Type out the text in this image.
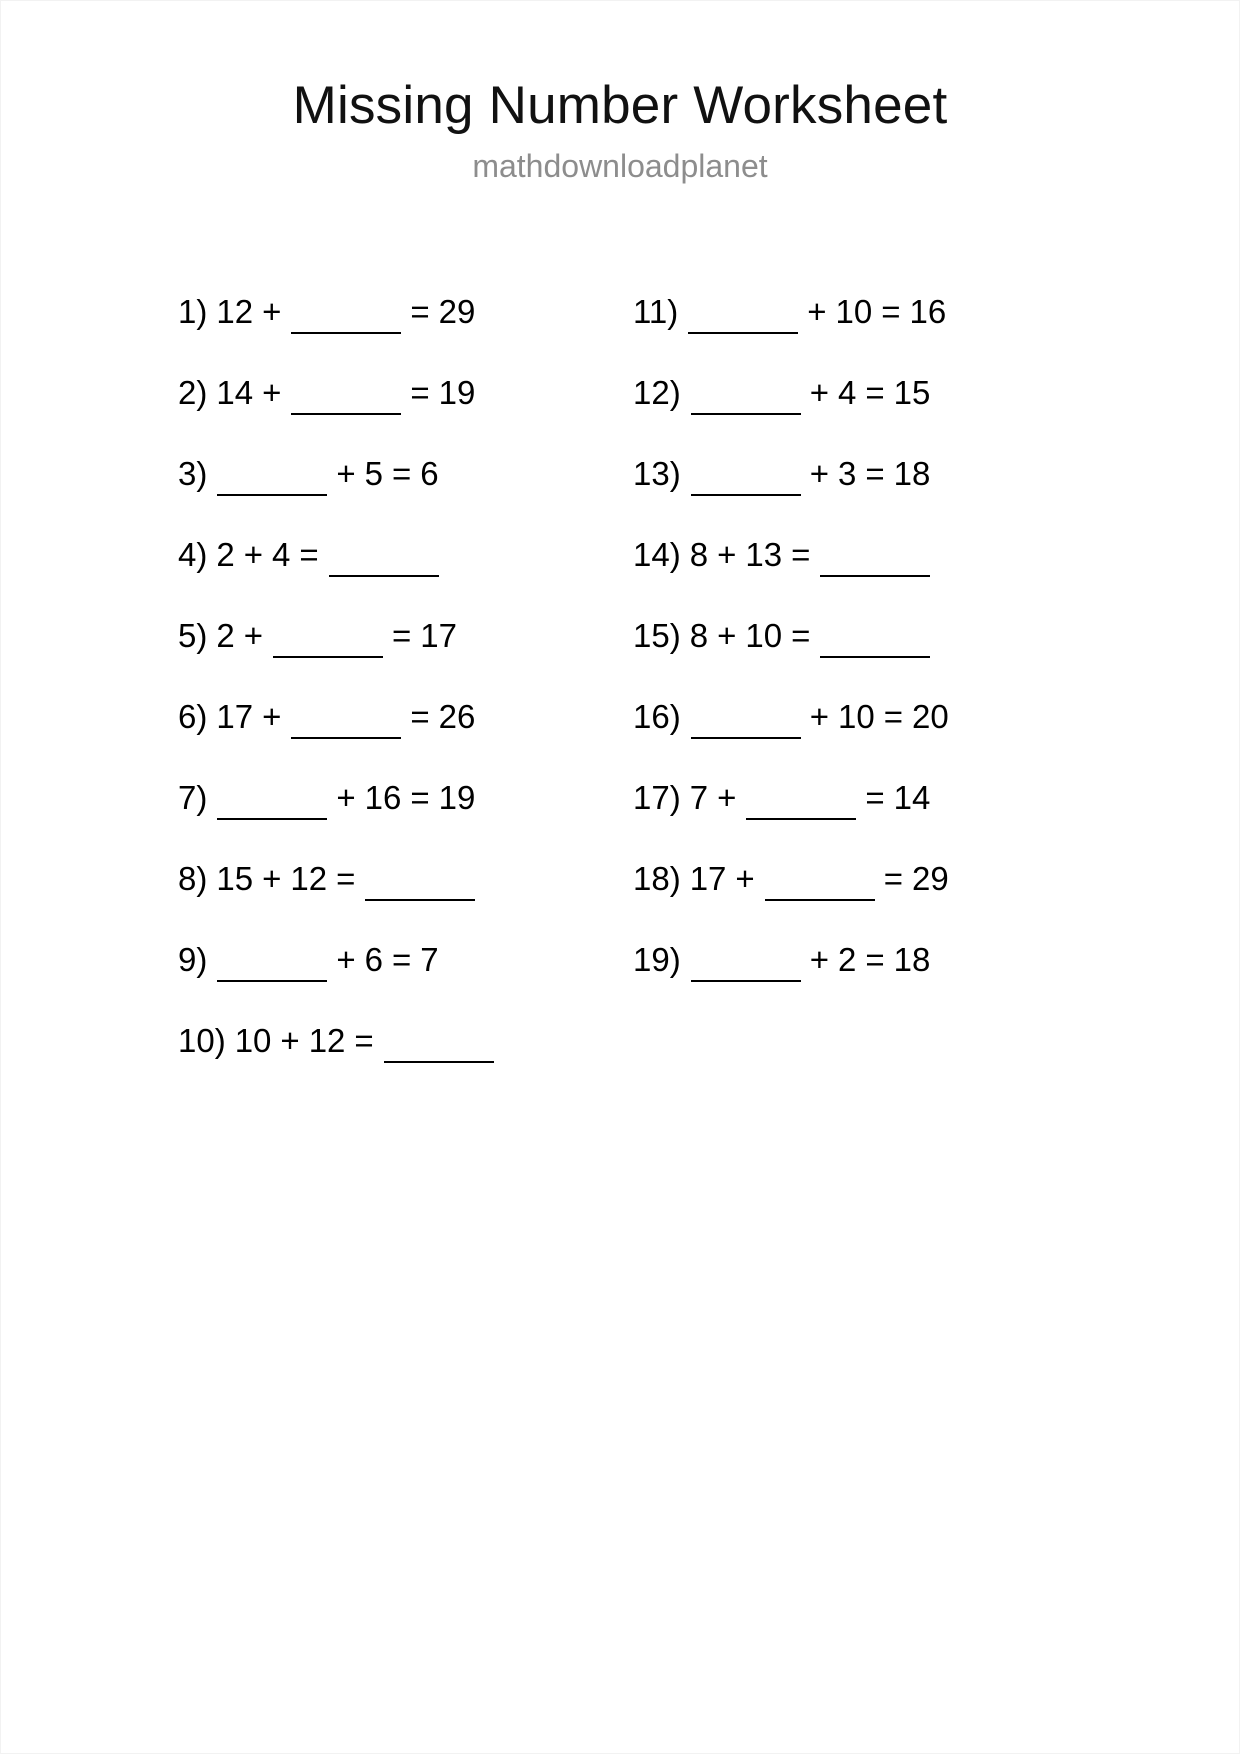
Missing Number Worksheet

mathdownloadplanet

1) 12 +	= 29
2) 14 +	= 19
3)	+ 5 = 6
4) 2 + 4 =
5) 2 +	= 17
6) 17 +	= 26
7)	+ 16 = 19
8) 15 + 12 =
9)	+ 6 = 7
10) 10 + 12 =
11)	+ 10 = 16
12)	+ 4 = 15
13)	+ 3 = 18
14) 8 + 13 =
15) 8 + 10 =
16)	+ 10 = 20
17) 7 +	= 14
18) 17 +	= 29
19)	+ 2 = 18
